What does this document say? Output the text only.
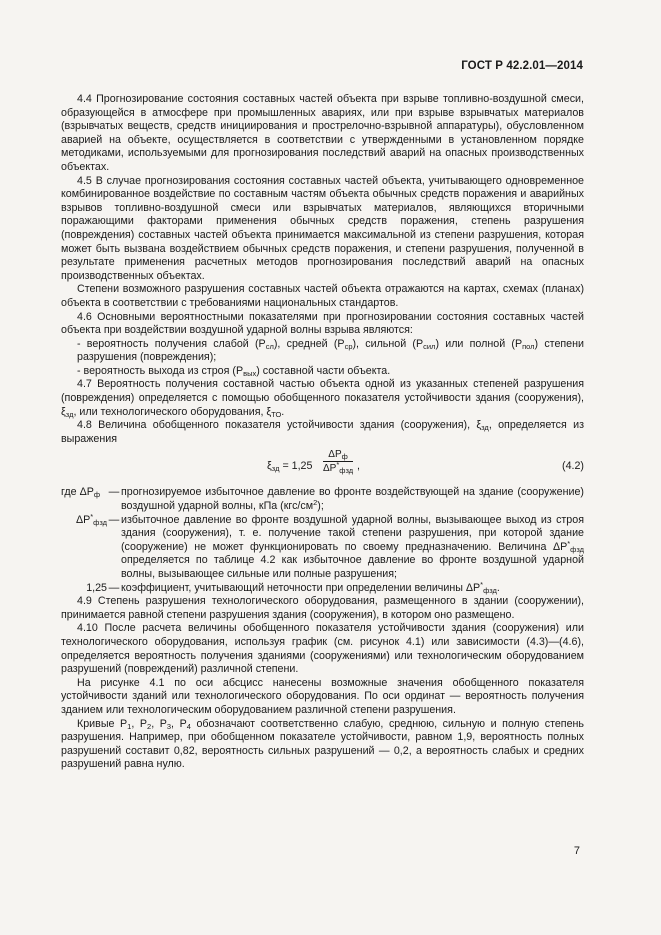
ГОСТ Р 42.2.01—2014

4.4 Прогнозирование состояния составных частей объекта при взрыве топливно-воздушной смеси, образующейся в атмосфере при промышленных авариях, или при взрыве взрывчатых материалов (взрывчатых веществ, средств инициирования и прострелочно-взрывной аппаратуры), обусловленном аварией на объекте, осуществляется в соответствии с утвержденными в установленном порядке методиками, используемыми для прогнозирования последствий аварий на опасных производственных объектах.

4.5 В случае прогнозирования состояния составных частей объекта, учитывающего одновременное комбинированное воздействие по составным частям объекта обычных средств поражения и аварийных взрывов топливно-воздушной смеси или взрывчатых материалов, являющихся вторичными поражающими факторами применения обычных средств поражения, степень разрушения (повреждения) составных частей объекта принимается максимальной из степени разрушения, которая может быть вызвана воздействием обычных средств поражения, и степени разрушения, полученной в результате применения расчетных методов прогнозирования последствий аварий на опасных производственных объектах.

Степени возможного разрушения составных частей объекта отражаются на картах, схемах (планах) объекта в соответствии с требованиями национальных стандартов.

4.6 Основными вероятностными показателями при прогнозировании состояния составных частей объекта при воздействии воздушной ударной волны взрыва являются:

- вероятность получения слабой $(P_{сл})$, средней $(P_{ср})$, сильной $(P_{сил})$ или полной $(P_{пол})$ степени разрушения (повреждения);

- вероятность выхода из строя $(P_{вых})$ составной части объекта.

4.7 Вероятность получения составной частью объекта одной из указанных степеней разрушения (повреждения) определяется с помощью обобщенного показателя устойчивости здания (сооружения), $\xi_{зд}$, или технологического оборудования, $\xi_{ТО}$.

4.8 Величина обобщенного показателя устойчивости здания (сооружения), $\xi_{зд}$, определяется из выражения

$\xi_{зд} = 1,25$
$\Delta P_ф$
$\Delta P^*_{фзд}$ ,	(4.2)
где $\Delta P_ф$ — прогнозируемое избыточное давление во фронте воздействующей на здание (сооружение) воздушной ударной волны, кПа $(кгс/см^2)$;
$\Delta P^*_{фзд}$ — избыточное давление во фронте воздушной ударной волны, вызывающее выход из строя здания (сооружения), т. е. получение такой степени разрушения, при которой здание (сооружение) не может функционировать по своему предназначению. Величина $\Delta P^*_{фзд}$ определяется по таблице 4.2 как избыточное давление во фронте воздушной ударной волны, вызывающее сильные или полные разрушения;
1,25 — коэффициент, учитывающий неточности при определении величины $\Delta P^*_{фзд}$.

4.9 Степень разрушения технологического оборудования, размещенного в здании (сооружении), принимается равной степени разрушения здания (сооружения), в котором оно размещено.

4.10 После расчета величины обобщенного показателя устойчивости здания (сооружения) или технологического оборудования, используя график (см. рисунок 4.1) или зависимости (4.3)—(4.6), определяется вероятность получения зданиями (сооружениями) или технологическим оборудованием разрушений (повреждений) различной степени.

На рисунке 4.1 по оси абсцисс нанесены возможные значения обобщенного показателя устойчивости зданий или технологического оборудования. По оси ординат — вероятность получения зданием или технологическим оборудованием различной степени разрушения.

Кривые $P_1$, $P_2$, $P_3$, $P_4$ обозначают соответственно слабую, среднюю, сильную и полную степень разрушения. Например, при обобщенном показателе устойчивости, равном 1,9, вероятность полных разрушений составит 0,82, вероятность сильных разрушений — 0,2, а вероятность слабых и средних разрушений равна нулю.

7
